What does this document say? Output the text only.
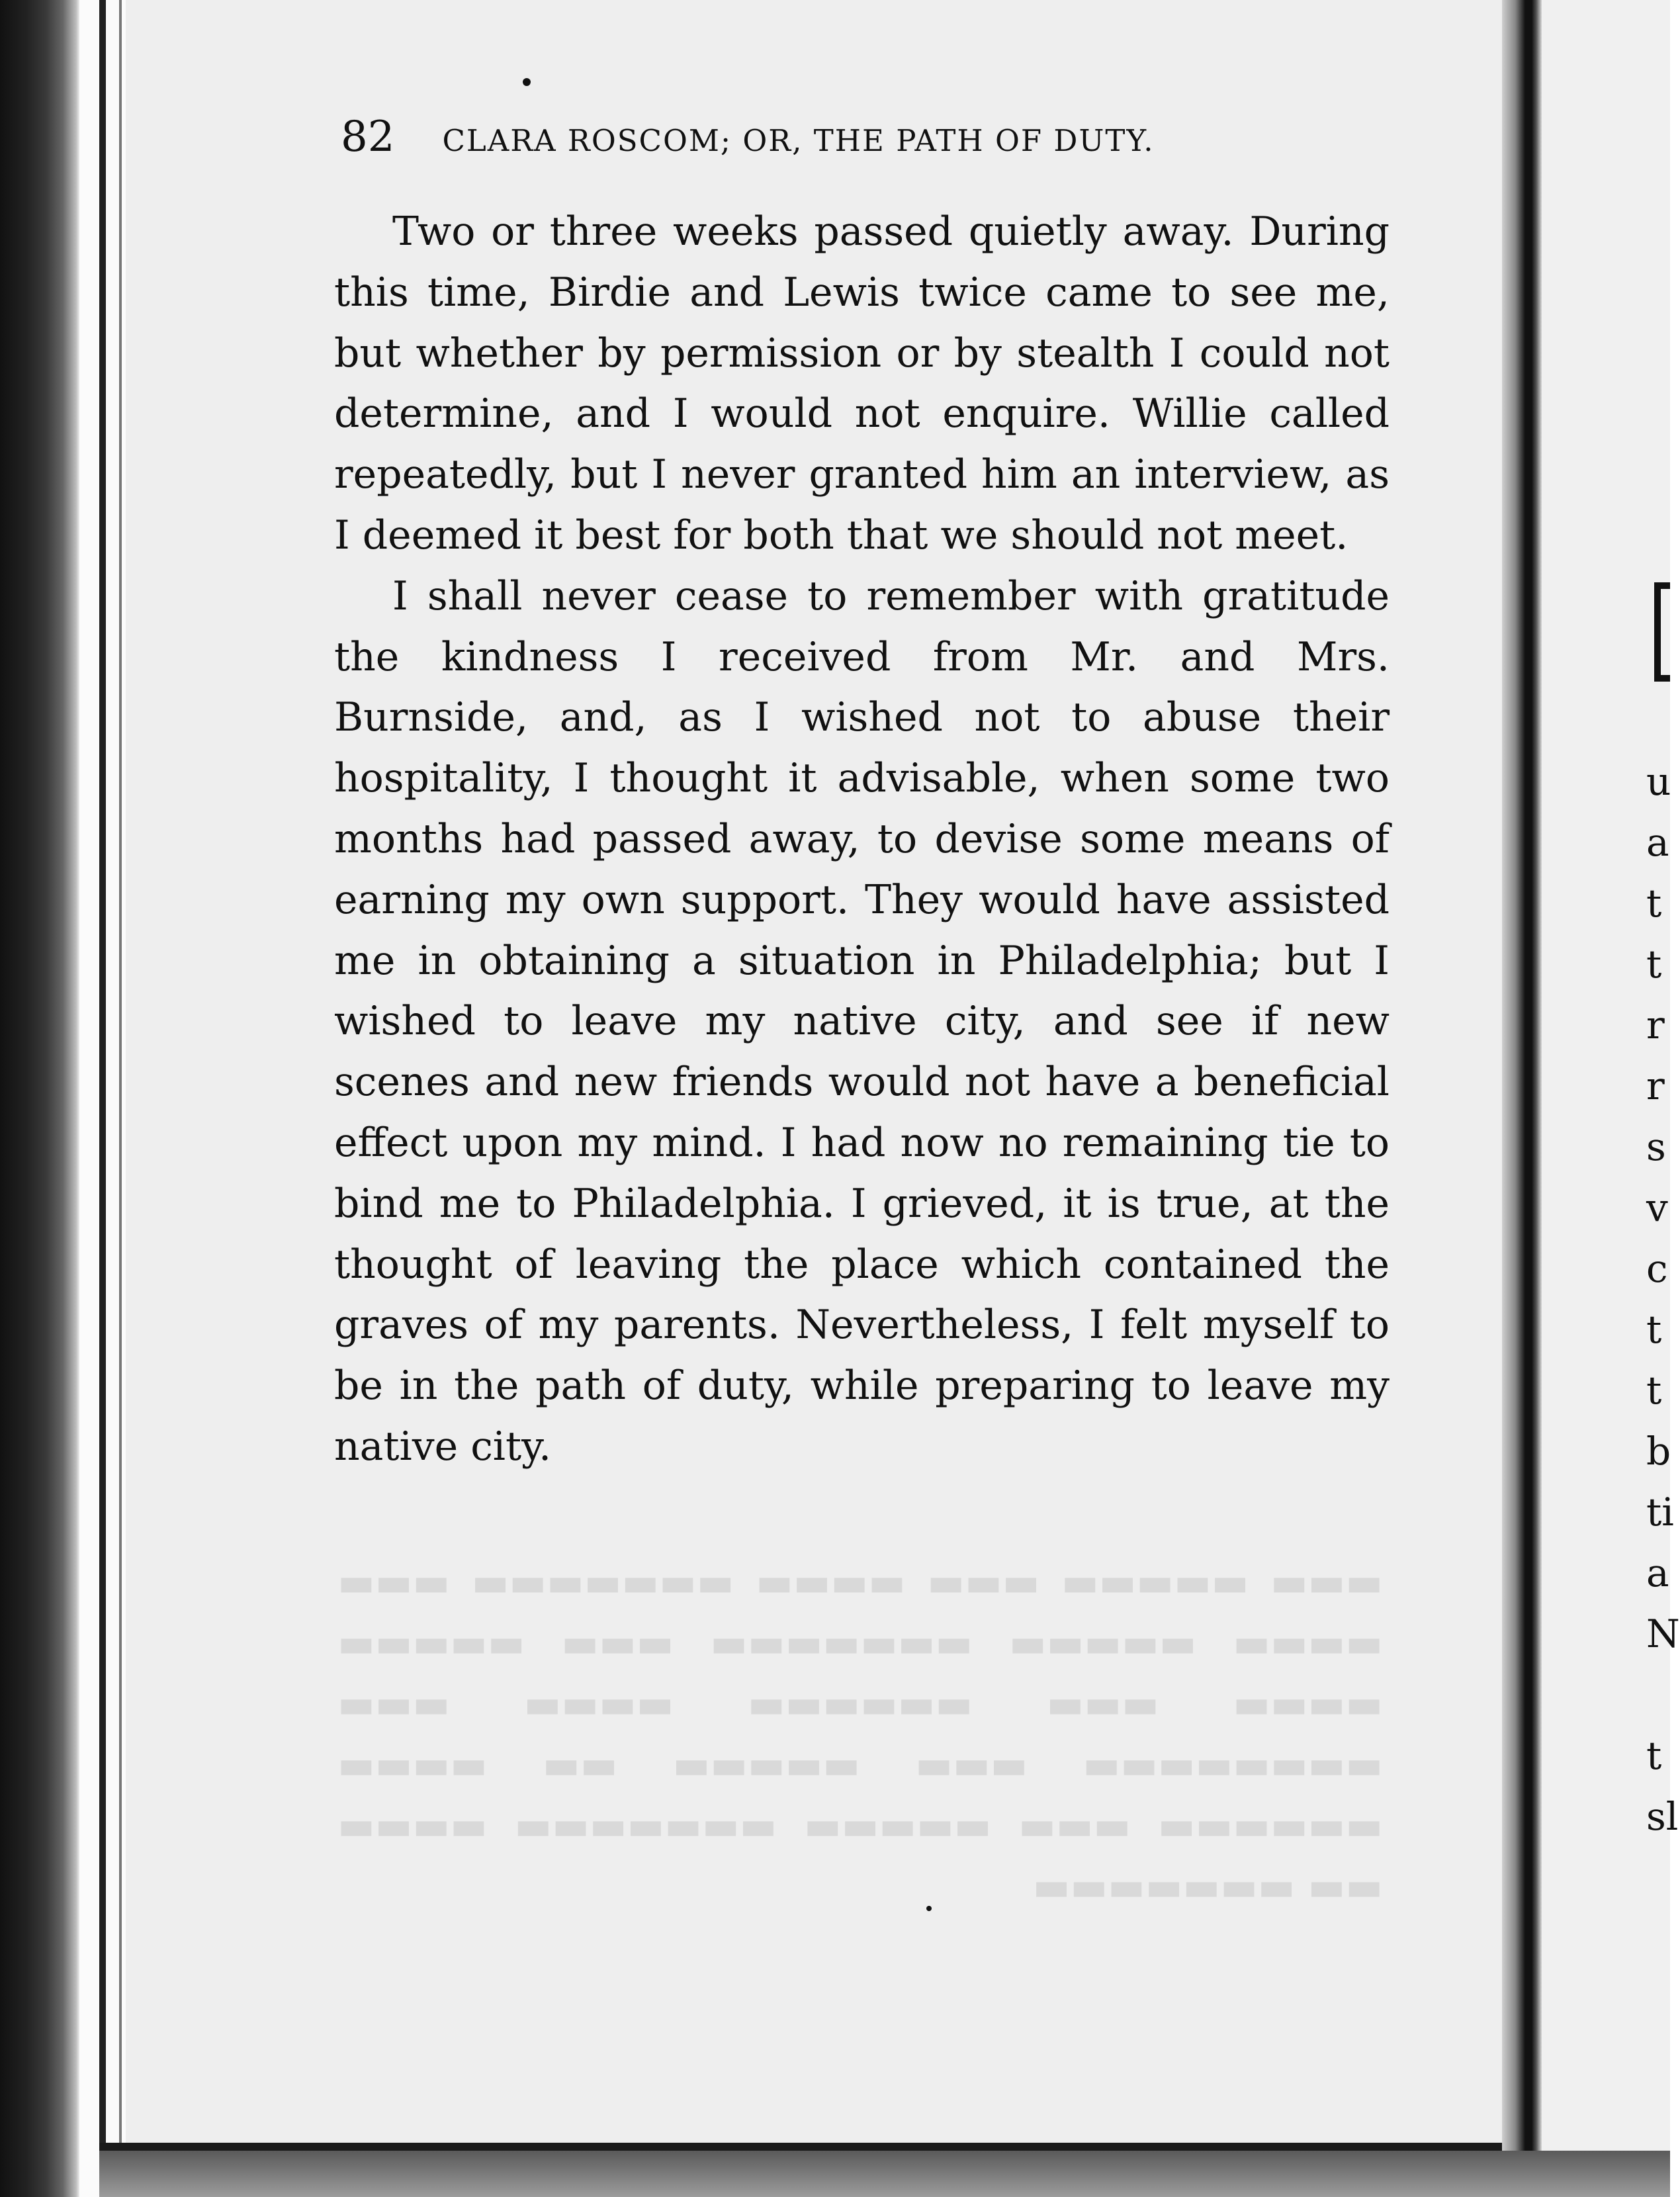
▬▬▬ ▬▬▬▬▬ ▬▬▬ ▬▬▬▬ ▬▬▬▬▬▬▬ ▬▬▬ ▬▬▬▬ ▬▬▬▬▬ ▬▬▬▬▬▬▬ ▬▬▬ ▬▬▬▬▬ ▬▬▬▬ ▬▬▬ ▬▬▬▬▬▬ ▬▬▬▬ ▬▬▬ ▬▬▬▬▬▬▬▬ ▬▬▬ ▬▬▬▬▬ ▬▬ ▬▬▬▬ ▬▬▬▬▬▬ ▬▬▬ ▬▬▬▬▬ ▬▬▬▬▬▬▬ ▬▬▬▬ ▬▬ ▬▬▬▬▬▬▬
82 CLARA ROSCOM; OR, THE PATH OF DUTY.

Two or three weeks passed quietly away. During this time, Birdie and Lewis twice came to see me, but whether by permission or by stealth I could not determine, and I would not enquire. Willie called repeatedly, but I never granted him an interview, as I deemed it best for both that we should not meet.

I shall never cease to remember with gratitude the kindness I received from Mr. and Mrs. Burnside, and, as I wished not to abuse their hospitality, I thought it advisable, when some two months had passed away, to devise some means of earning my own support. They would have assisted me in obtaining a situation in Philadelphia; but I wished to leave my native city, and see if new scenes and new friends would not have a beneficial effect upon my mind. I had now no remaining tie to bind me to Philadelphia. I grieved, it is true, at the thought of leaving the place which contained the graves of my parents. Nevertheless, I felt myself to be in the path of duty, while preparing to leave my native city.

u
a
t
t
r
r
s
v
c
t
t
b
ti
a
N

t
sl
